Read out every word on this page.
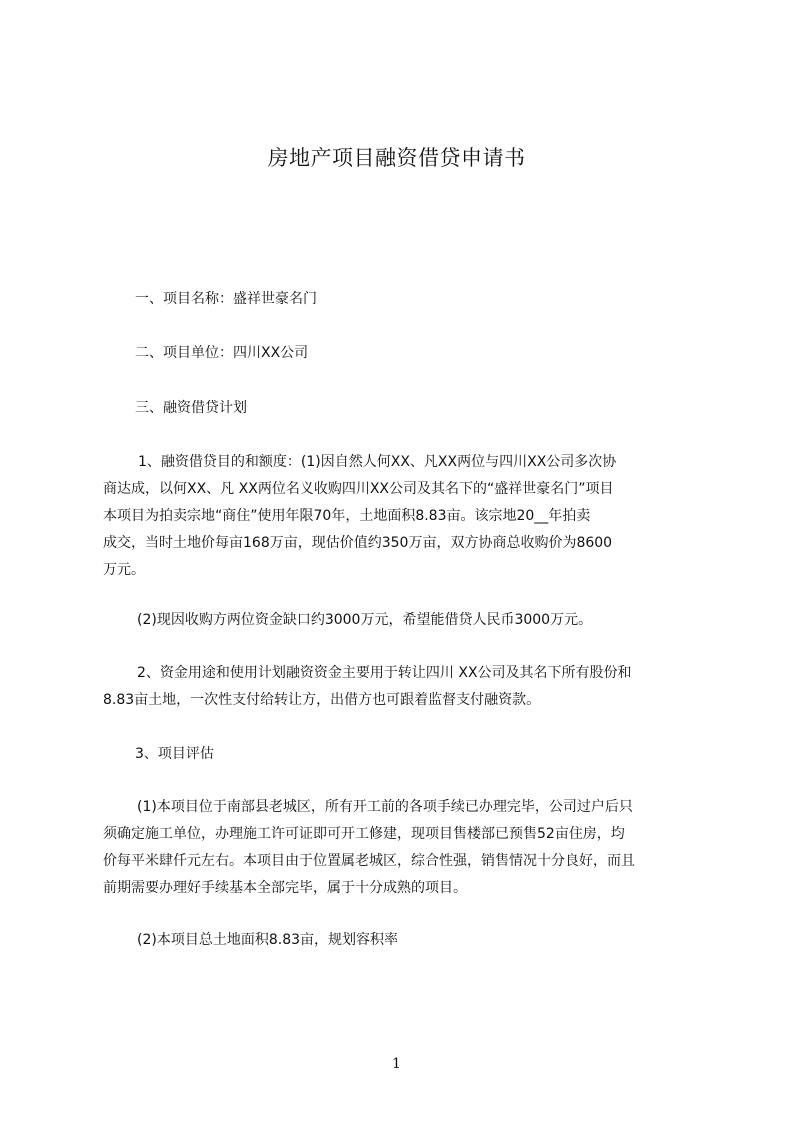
房地产项目融资借贷申请书
一、项目名称：盛祥世豪名门
二、项目单位：四川XX公司
三、融资借贷计划
1、融资借贷目的和额度：(1)因自然人何XX、凡XX两位与四川XX公司多次协
商达成，以何XX、凡 XX两位名义收购四川XX公司及其名下的“盛祥世豪名门”项目
本项目为拍卖宗地“商住”使用年限70年，土地面积8.83亩。该宗地20__年拍卖
成交，当时土地价每亩168万亩，现估价值约350万亩，双方协商总收购价为8600
万元。
(2)现因收购方两位资金缺口约3000万元，希望能借贷人民币3000万元。
2、资金用途和使用计划融资资金主要用于转让四川 XX公司及其名下所有股份和
8.83亩土地，一次性支付给转让方，出借方也可跟着监督支付融资款。
3、项目评估
(1)本项目位于南部县老城区，所有开工前的各项手续已办理完毕，公司过户后只
须确定施工单位，办理施工许可证即可开工修建，现项目售楼部已预售52亩住房，均
价每平米肆仟元左右。本项目由于位置属老城区，综合性强，销售情况十分良好，而且
前期需要办理好手续基本全部完毕，属于十分成熟的项目。
(2)本项目总土地面积8.83亩，规划容积率
1
